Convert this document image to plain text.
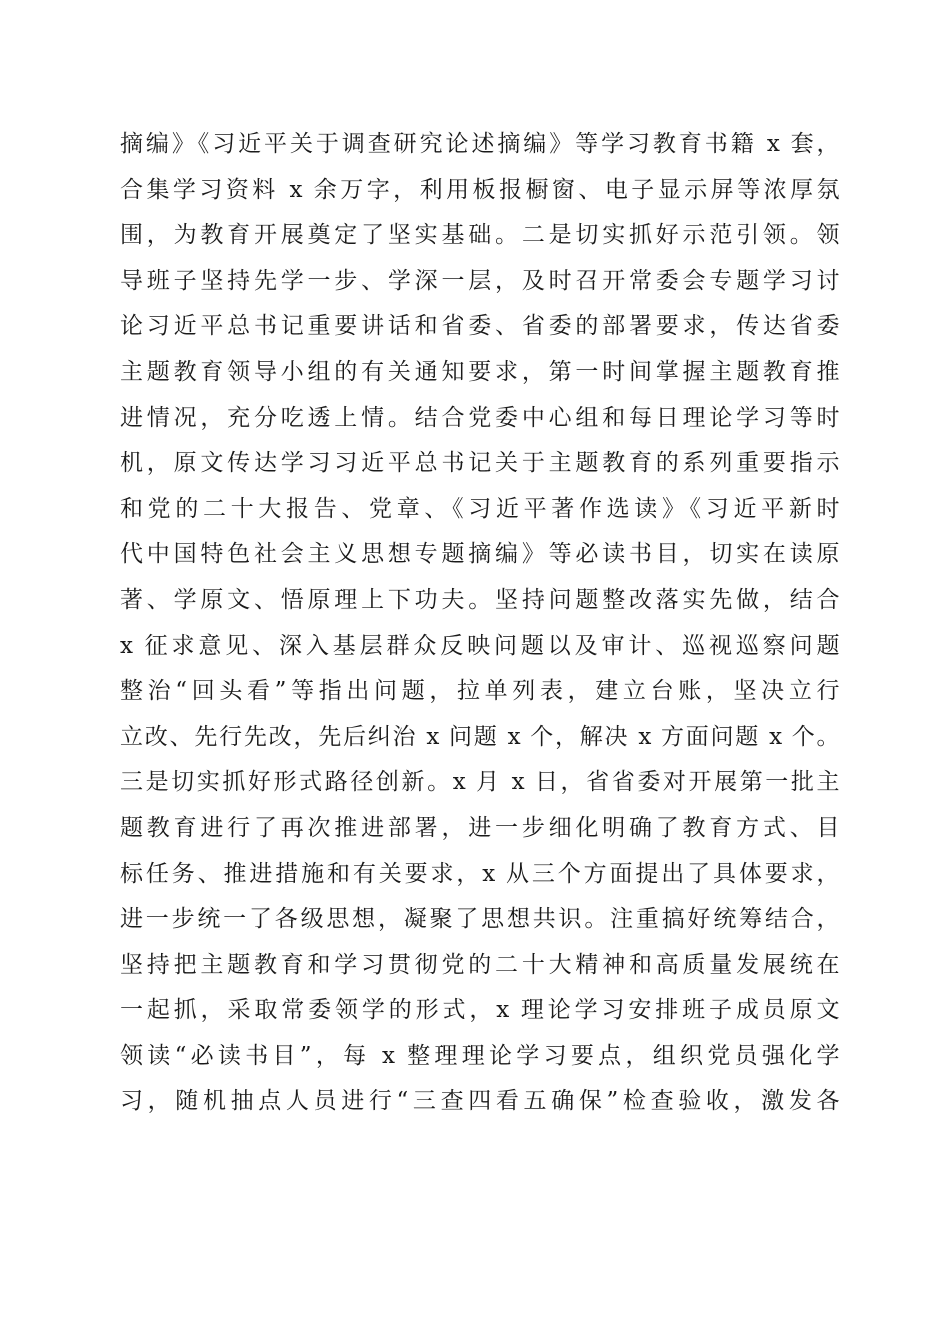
摘编》《习近平关于调查研究论述摘编》等学习教育书籍 x 套，
合集学习资料 x 余万字，利用板报橱窗、电子显示屏等浓厚氛
围，为教育开展奠定了坚实基础。二是切实抓好示范引领。领
导班子坚持先学一步、学深一层，及时召开常委会专题学习讨
论习近平总书记重要讲话和省委、省委的部署要求，传达省委
主题教育领导小组的有关通知要求，第一时间掌握主题教育推
进情况，充分吃透上情。结合党委中心组和每日理论学习等时
机，原文传达学习习近平总书记关于主题教育的系列重要指示
和党的二十大报告、党章、《习近平著作选读》《习近平新时
代中国特色社会主义思想专题摘编》等必读书目，切实在读原
著、学原文、悟原理上下功夫。坚持问题整改落实先做，结合
x 征求意见、深入基层群众反映问题以及审计、巡视巡察问题
整治“回头看”等指出问题，拉单列表，建立台账，坚决立行
立改、先行先改，先后纠治 x 问题 x 个，解决 x 方面问题 x 个。
三是切实抓好形式路径创新。x 月 x 日，省省委对开展第一批主
题教育进行了再次推进部署，进一步细化明确了教育方式、目
标任务、推进措施和有关要求，x 从三个方面提出了具体要求，
进一步统一了各级思想，凝聚了思想共识。注重搞好统筹结合，
坚持把主题教育和学习贯彻党的二十大精神和高质量发展统在
一起抓，采取常委领学的形式，x 理论学习安排班子成员原文
领读“必读书目”，每 x 整理理论学习要点，组织党员强化学
习，随机抽点人员进行“三查四看五确保”检查验收，激发各
